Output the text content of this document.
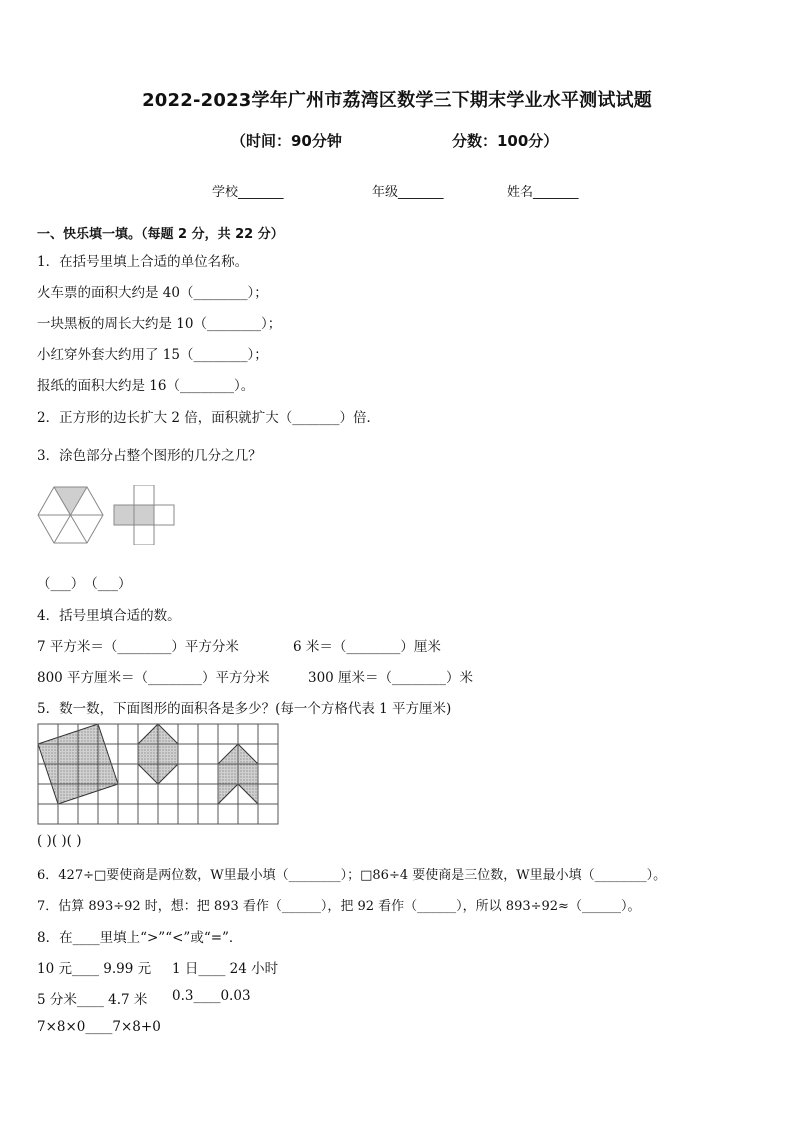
2022-2023学年广州市荔湾区数学三下期末学业水平测试试题
（时间：90分钟	分数：100分）
学校_______	年级_______	姓名_______
一、快乐填一填。（每题 2 分，共 22 分）
1．在括号里填上合适的单位名称。
火车票的面积大约是 40（________）；
一块黑板的周长大约是 10（________）；
小红穿外套大约用了 15（________）；
报纸的面积大约是 16（________）。
2．正方形的边长扩大 2 倍，面积就扩大（_______）倍．
3．涂色部分占整个图形的几分之几？
（___）　（___）
4．括号里填合适的数。
7 平方米＝（________）平方分米	6 米＝（________）厘米
800 平方厘米＝（________）平方分米	300 厘米＝（________）米
5．数一数，下面图形的面积各是多少？(每一个方格代表 1 平方厘米)
( )( )( )
6．427÷□要使商是两位数，W里最小填（________）；□86÷4 要使商是三位数，W里最小填（________）。
7．估算 893÷92 时，想：把 893 看作（______），把 92 看作（______），所以 893÷92≈（______）。
8．在____里填上“>”“<”或“=”．
10 元____ 9.99 元 1 日____ 24 小时
5 分米____ 4.7 米 0.3____0.03
7×8×0____7×8+0
